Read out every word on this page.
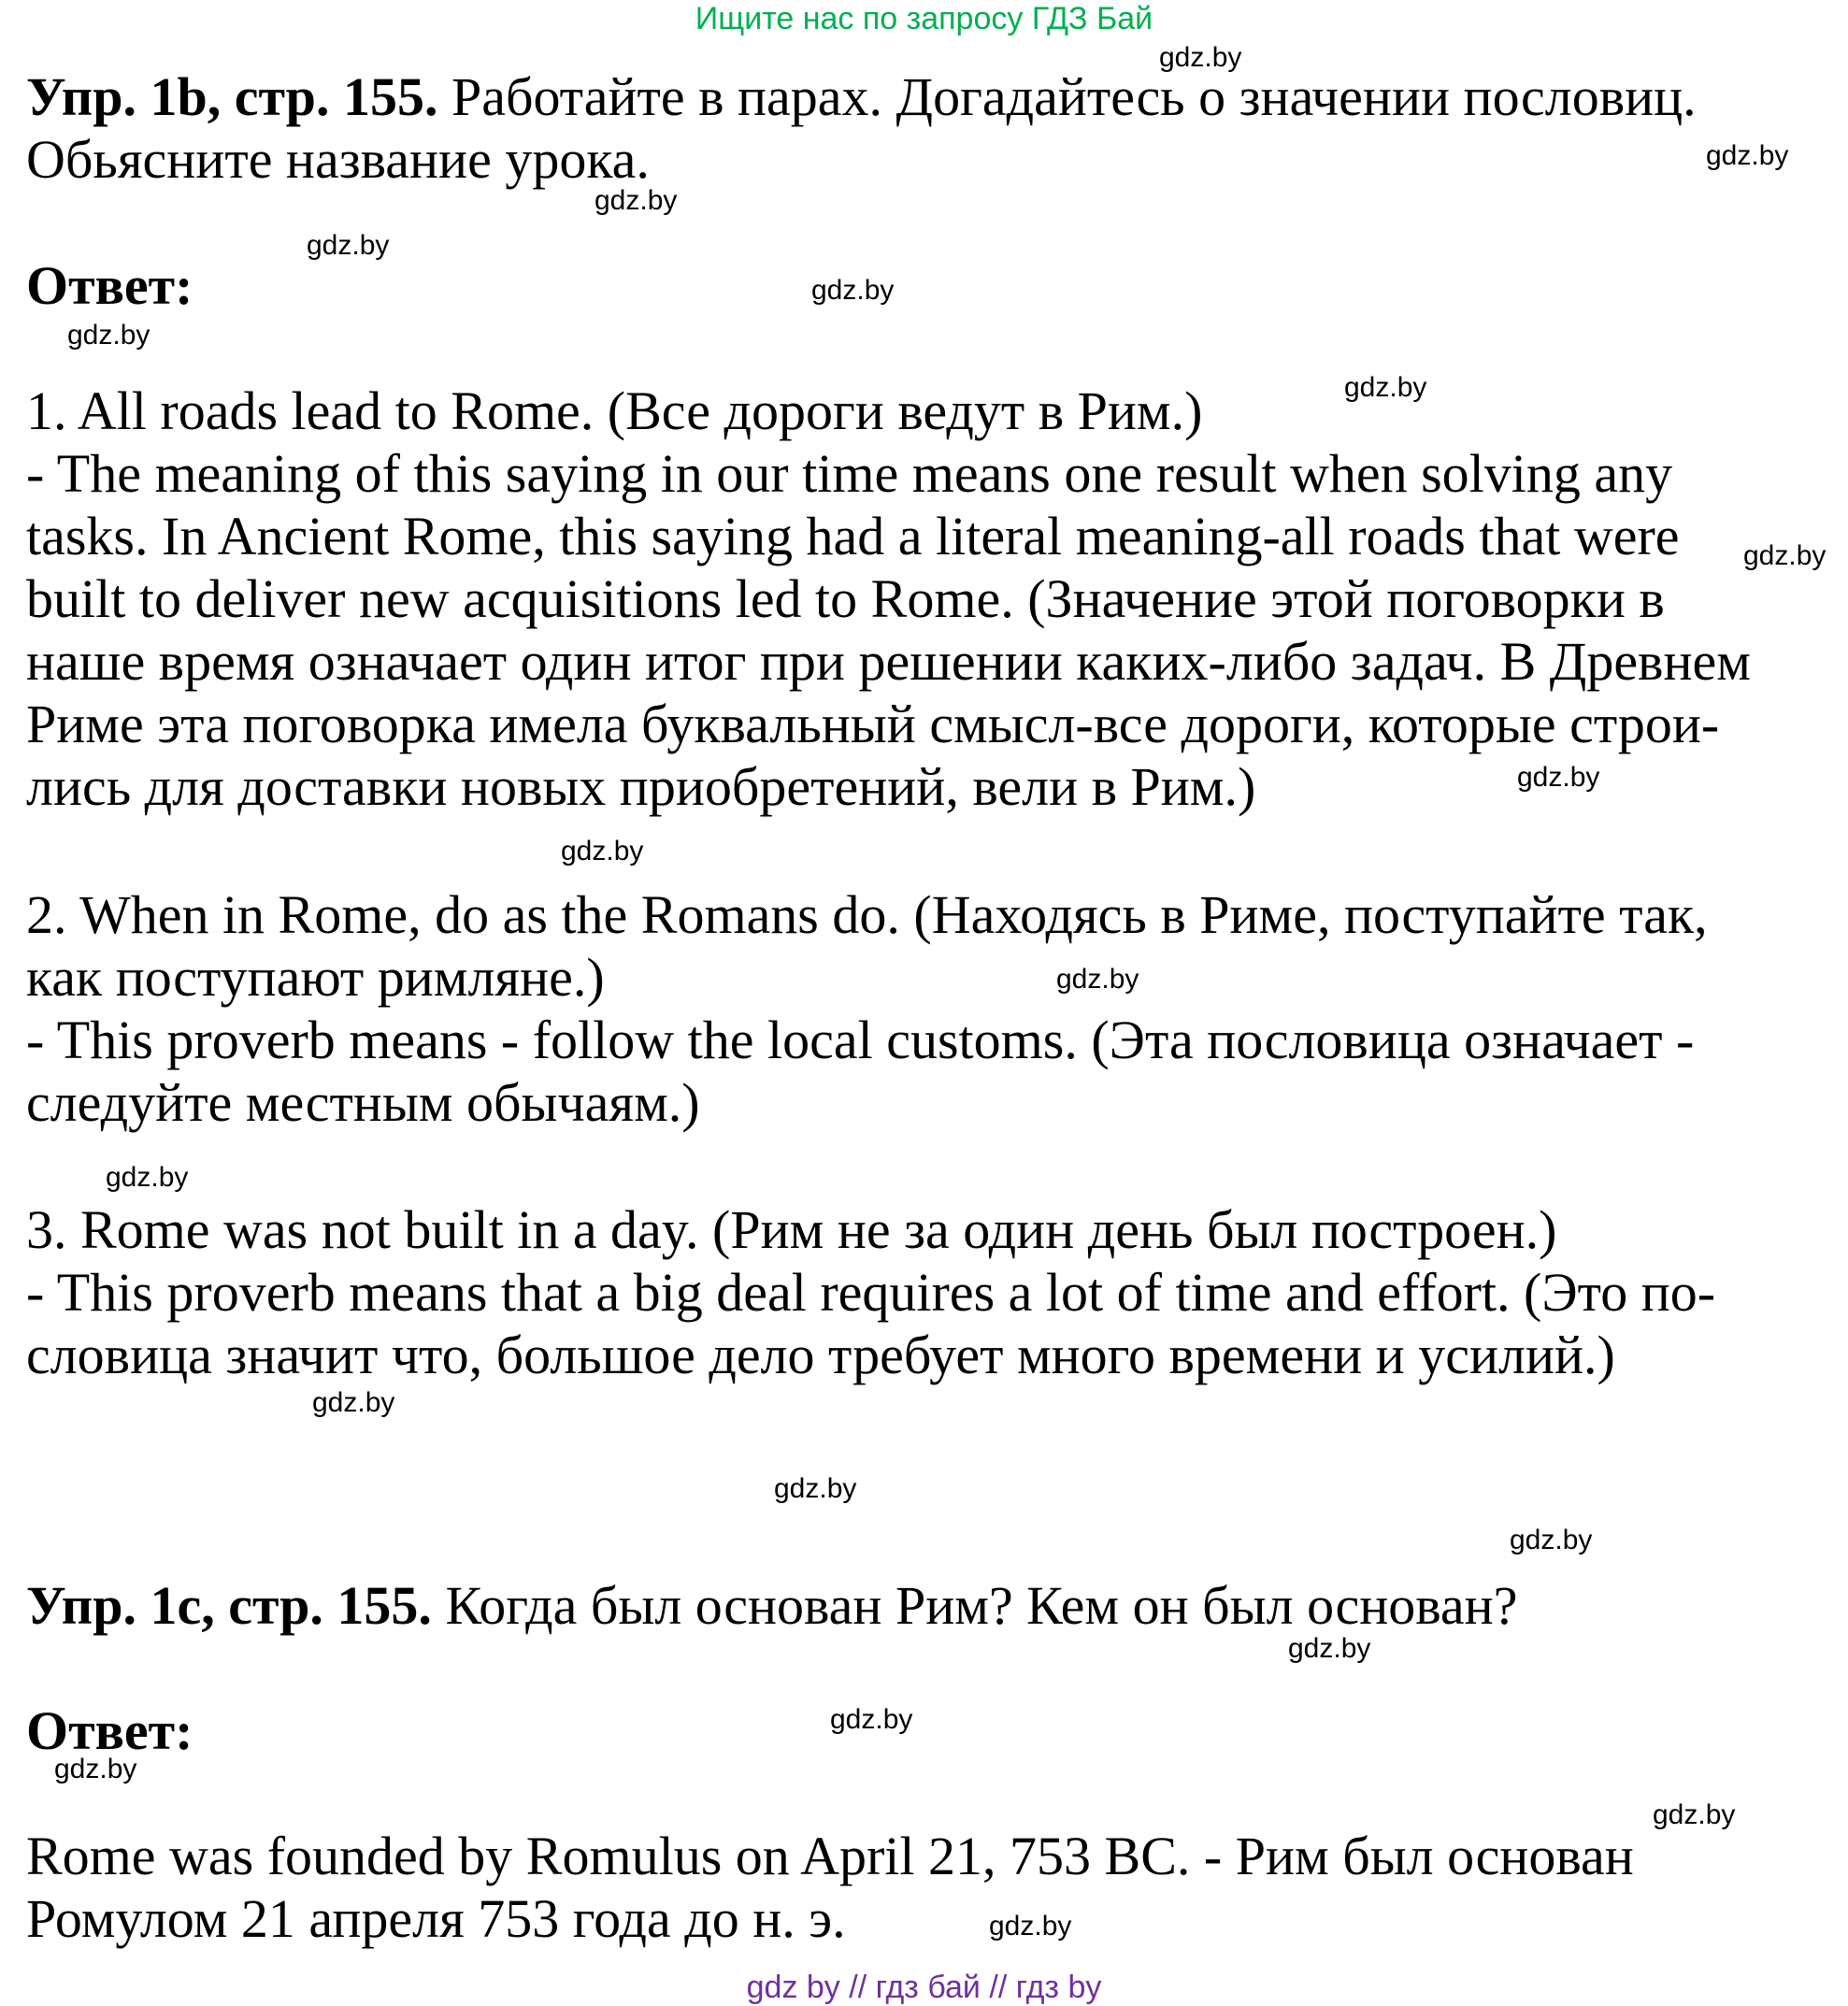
Ищите нас по запросу ГДЗ Бай
gdz.by
gdz.by
gdz.by
gdz.by
gdz.by
gdz.by
gdz.by
gdz.by
gdz.by
gdz.by
gdz.by
gdz.by
gdz.by
gdz.by
gdz.by
gdz.by
gdz.by
gdz.by
gdz.by
gdz.by

Упр. 1b, стр. 155. Работайте в парах. Догадайтесь о значении пословиц.

Обьясните название урока.

Ответ:

1. All roads lead to Rome. (Все дороги ведут в Рим.)

- The meaning of this saying in our time means one result when solving any

tasks. In Ancient Rome, this saying had a literal meaning-all roads that were

built to deliver new acquisitions led to Rome. (Значение этой поговорки в

наше время означает один итог при решении каких-либо задач. В Древнем

Риме эта поговорка имела буквальный смысл-все дороги, которые строи-

лись для доставки новых приобретений, вели в Рим.)

2. When in Rome, do as the Romans do. (Находясь в Риме, поступайте так,

как поступают римляне.)

- This proverb means - follow the local customs. (Эта пословица означает -

следуйте местным обычаям.)

3. Rome was not built in a day. (Рим не за один день был построен.)

- This proverb means that a big deal requires a lot of time and effort. (Это по-

словица значит что, большое дело требует много времени и усилий.)

Упр. 1c, стр. 155. Когда был основан Рим? Кем он был основан?

Ответ:

Rome was founded by Romulus on April 21, 753 BC. - Рим был основан

Ромулом 21 апреля 753 года до н. э.

gdz by // гдз бай // гдз by
